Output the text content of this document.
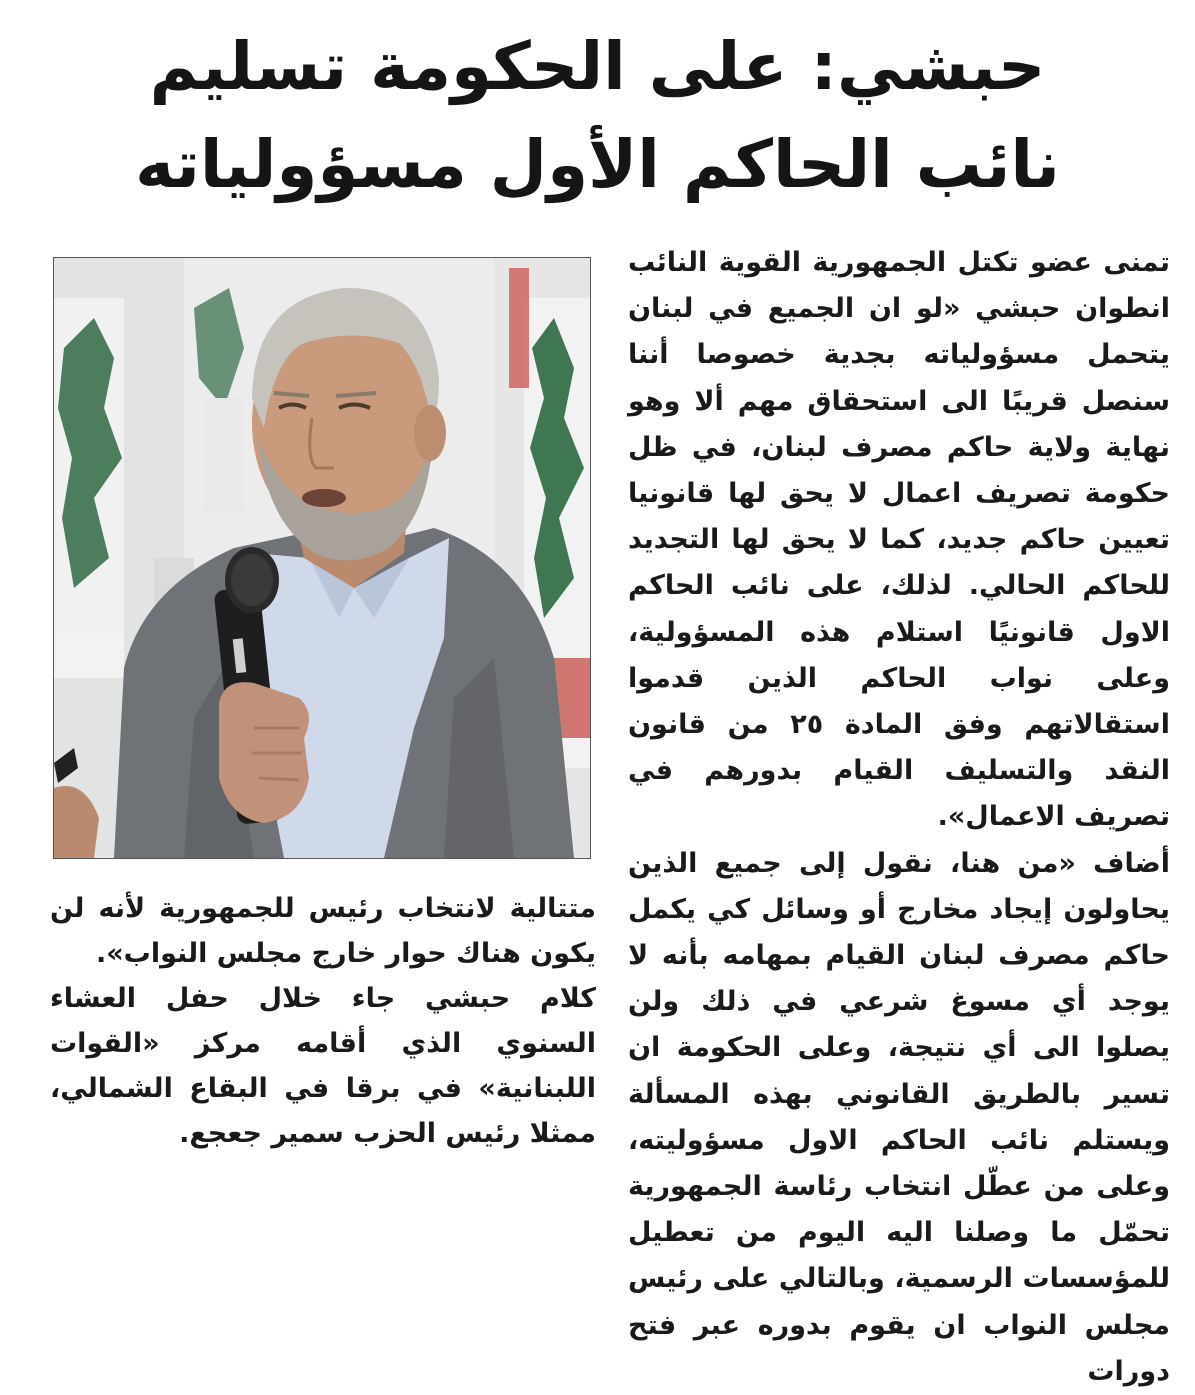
حبشي: على الحكومة تسليم
نائب الحاكم الأول مسؤولياته

تمنى عضو تكتل الجمهورية القوية النائب انطوان حبشي «لو ان الجميع في لبنان يتحمل مسؤولياته بجدية خصوصا أننا سنصل قريبًا الى استحقاق مهم ألا وهو نهاية ولاية حاكم مصرف لبنان، في ظل حكومة تصريف اعمال لا يحق لها قانونيا تعيين حاكم جديد، كما لا يحق لها التجديد للحاكم الحالي. لذلك، على نائب الحاكم الاول قانونيًا استلام هذه المسؤولية، وعلى نواب الحاكم الذين قدموا استقالاتهم وفق المادة ٢٥ من قانون النقد والتسليف القيام بدورهم في تصريف الاعمال».

أضاف «من هنا، نقول إلى جميع الذين يحاولون إيجاد مخارج أو وسائل كي يكمل حاكم مصرف لبنان القيام بمهامه بأنه لا يوجد أي مسوغ شرعي في ذلك ولن يصلوا الى أي نتيجة، وعلى الحكومة ان تسير بالطريق القانوني بهذه المسألة ويستلم نائب الحاكم الاول مسؤوليته، وعلى من عطّل انتخاب رئاسة الجمهورية تحمّل ما وصلنا اليه اليوم من تعطيل للمؤسسات الرسمية، وبالتالي على رئيس مجلس النواب ان يقوم بدوره عبر فتح دورات

متتالية لانتخاب رئيس للجمهورية لأنه لن يكون هناك حوار خارج مجلس النواب».

كلام حبشي جاء خلال حفل العشاء السنوي الذي أقامه مركز «القوات اللبنانية» في برقا في البقاع الشمالي، ممثلا رئيس الحزب سمير جعجع.
